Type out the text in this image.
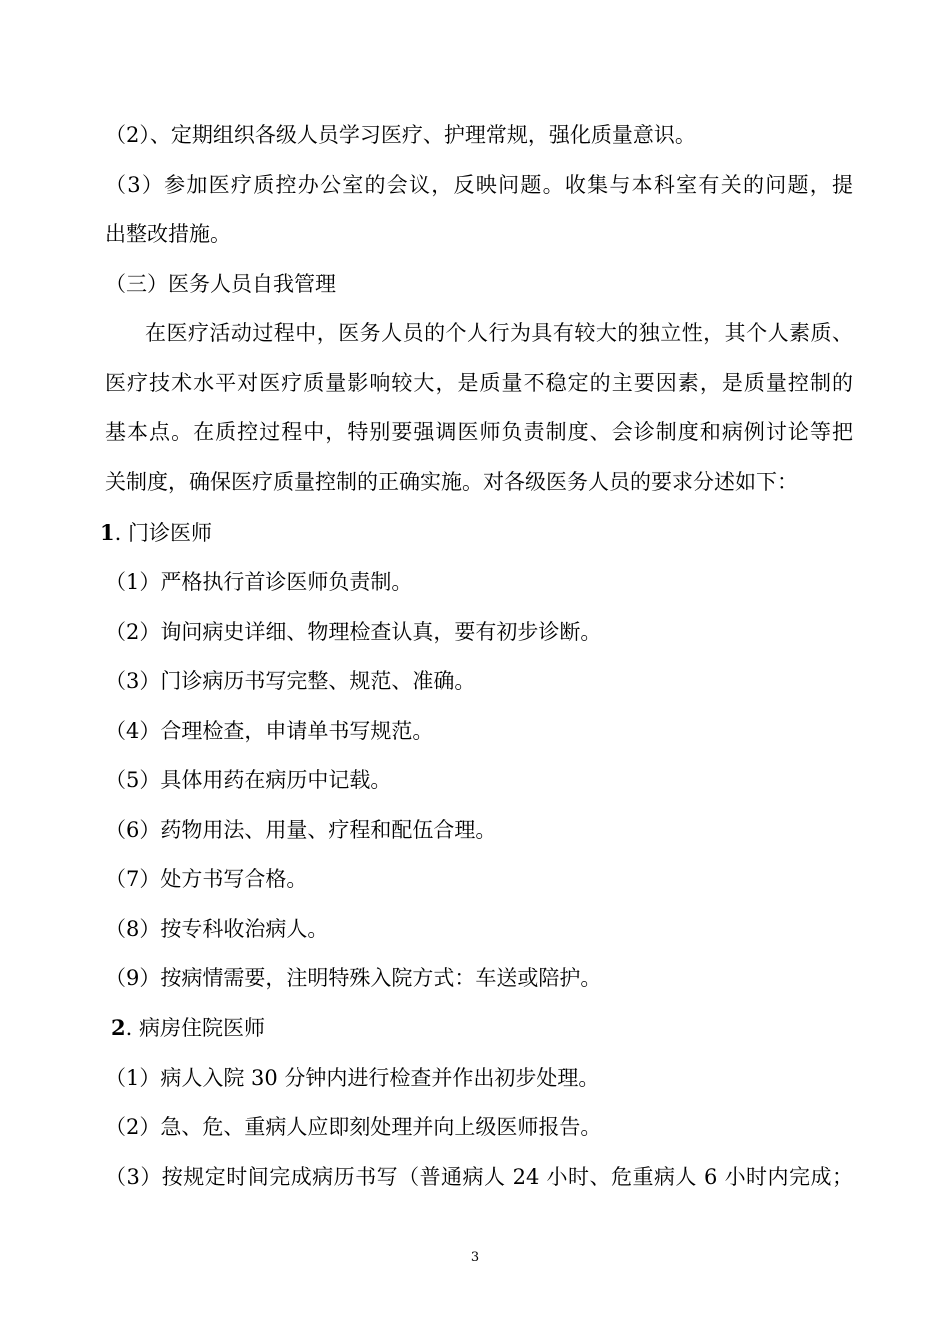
（2）、定期组织各级人员学习医疗、护理常规，强化质量意识。
（3）参加医疗质控办公室的会议，反映问题。收集与本科室有关的问题，提
出整改措施。
（三）医务人员自我管理
在医疗活动过程中，医务人员的个人行为具有较大的独立性，其个人素质、
医疗技术水平对医疗质量影响较大，是质量不稳定的主要因素，是质量控制的
基本点。在质控过程中，特别要强调医师负责制度、会诊制度和病例讨论等把
关制度，确保医疗质量控制的正确实施。对各级医务人员的要求分述如下：
1. 门诊医师
（1）严格执行首诊医师负责制。
（2）询问病史详细、物理检查认真，要有初步诊断。
（3）门诊病历书写完整、规范、准确。
（4）合理检查，申请单书写规范。
（5）具体用药在病历中记载。
（6）药物用法、用量、疗程和配伍合理。
（7）处方书写合格。
（8）按专科收治病人。
（9）按病情需要，注明特殊入院方式：车送或陪护。
2. 病房住院医师
（1）病人入院 30 分钟内进行检查并作出初步处理。
（2）急、危、重病人应即刻处理并向上级医师报告。
（3）按规定时间完成病历书写（普通病人 24 小时、危重病人 6 小时内完成；
3
